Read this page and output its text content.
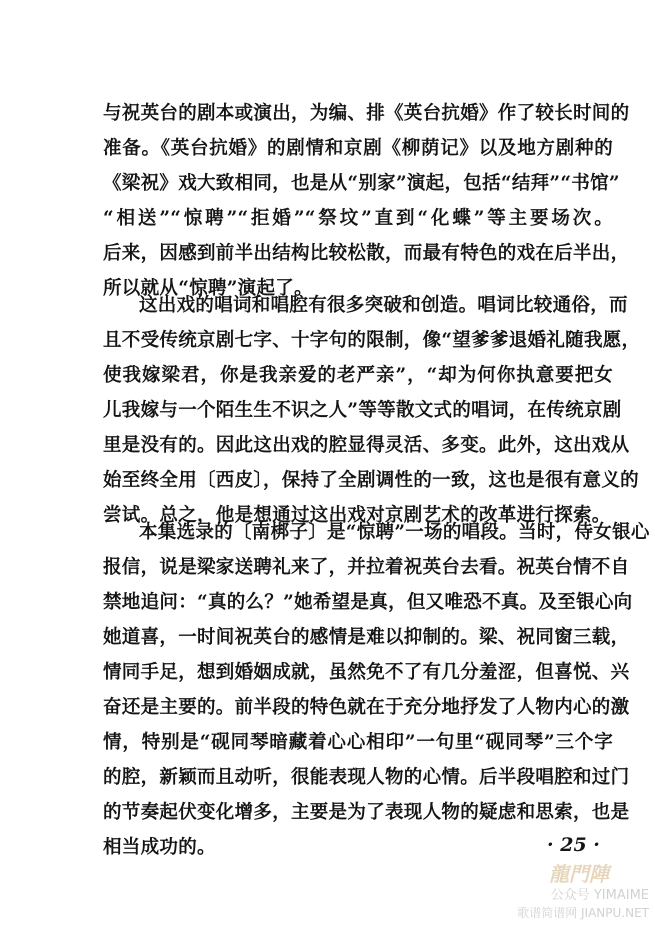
与祝英台的剧本或演出，为编、排《英台抗婚》作了较长时间的
准备。《英台抗婚》的剧情和京剧《柳荫记》以及地方剧种的
《梁祝》戏大致相同，也是从“别家”演起，包括“结拜”“书馆”
“相送”“惊聘”“拒婚”“祭坟”直到“化蝶”等主要场次。
后来，因感到前半出结构比较松散，而最有特色的戏在后半出，
所以就从“惊聘”演起了。
这出戏的唱词和唱腔有很多突破和创造。唱词比较通俗，而
且不受传统京剧七字、十字句的限制，像“望爹爹退婚礼随我愿，
使我嫁梁君，你是我亲爱的老严亲”，“却为何你执意要把女
儿我嫁与一个陌生生不识之人”等等散文式的唱词，在传统京剧
里是没有的。因此这出戏的腔显得灵活、多变。此外，这出戏从
始至终全用〔西皮〕，保持了全剧调性的一致，这也是很有意义的
尝试。总之，他是想通过这出戏对京剧艺术的改革进行探索。
本集选录的〔南梆子〕是“惊聘”一场的唱段。当时，侍女银心
报信，说是梁家送聘礼来了，并拉着祝英台去看。祝英台情不自
禁地追问：“真的么？”她希望是真，但又唯恐不真。及至银心向
她道喜，一时间祝英台的感情是难以抑制的。梁、祝同窗三载，
情同手足，想到婚姻成就，虽然免不了有几分羞涩，但喜悦、兴
奋还是主要的。前半段的特色就在于充分地抒发了人物内心的激
情，特别是“砚同琴暗藏着心心相印”一句里“砚同琴”三个字
的腔，新颖而且动听，很能表现人物的心情。后半段唱腔和过门
的节奏起伏变化增多，主要是为了表现人物的疑虑和思索，也是
相当成功的。	· 25 ·
龍門陣
公众号 YIMAIME
歌谱简谱网 JIANPU.NET
